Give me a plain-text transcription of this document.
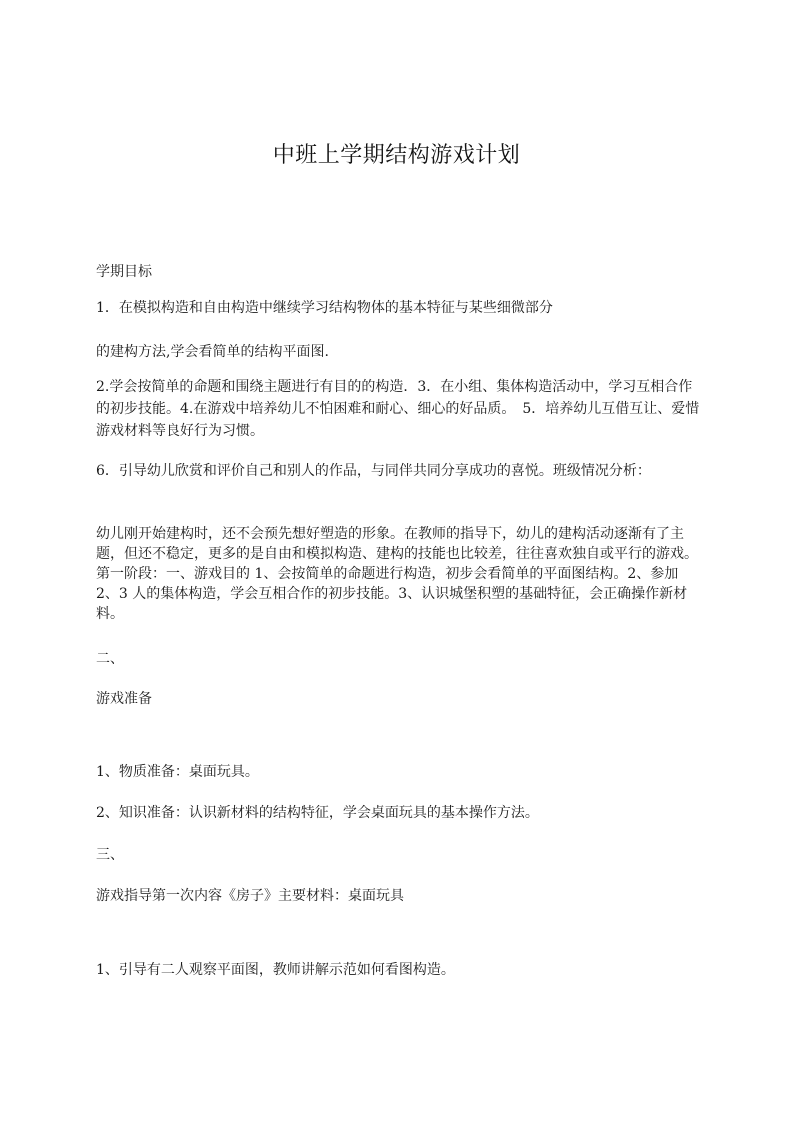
中班上学期结构游戏计划

学期目标

1．在模拟构造和自由构造中继续学习结构物体的基本特征与某些细微部分

的建构方法,学会看简单的结构平面图.

2.学会按简单的命题和围绕主题进行有目的的构造．3．在小组、集体构造活动中，学习互相合作的初步技能。4.在游戏中培养幼儿不怕困难和耐心、细心的好品质。　5．培养幼儿互借互让、爱惜游戏材料等良好行为习惯。

6．引导幼儿欣赏和评价自己和别人的作品，与同伴共同分享成功的喜悦。班级情况分析：

幼儿刚开始建构时，还不会预先想好塑造的形象。在教师的指导下，幼儿的建构活动逐渐有了主题，但还不稳定，更多的是自由和模拟构造、建构的技能也比较差，往往喜欢独自或平行的游戏。第一阶段：一、游戏目的 1、会按简单的命题进行构造，初步会看简单的平面图结构。2、参加 2、3 人的集体构造，学会互相合作的初步技能。3、认识城堡积塑的基础特征，会正确操作新材料。

二、

游戏准备

1、物质准备：桌面玩具。

2、知识准备：认识新材料的结构特征，学会桌面玩具的基本操作方法。

三、

游戏指导第一次内容《房子》主要材料：桌面玩具

1、引导有二人观察平面图，教师讲解示范如何看图构造。
